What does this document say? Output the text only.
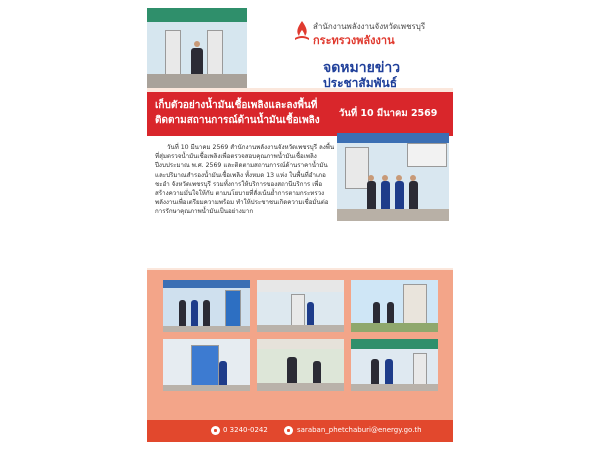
สำนักงานพลังงานจังหวัดเพชรบุรี
กระทรวงพลังงาน
จดหมายข่าว
ประชาสัมพันธ์
เก็บตัวอย่างน้ำมันเชื้อเพลิงและลงพื้นที่ ติดตามสถานการณ์ด้านน้ำมันเชื้อเพลิง
วันที่ 10 มีนาคม 2569
วันที่ 10 มีนาคม 2569 สำนักงานพลังงานจังหวัดเพชรบุรี ลงพื้นที่สุ่มตรวจน้ำมันเชื้อเพลิงเพื่อตรวจสอบคุณภาพน้ำมันเชื้อเพลิงปีงบประมาณ พ.ศ. 2569 และติดตามสถานการณ์ด้านราคาน้ำมันและปริมาณสำรองน้ำมันเชื้อเพลิง ทั้งหมด 13 แห่ง ในพื้นที่อำเภอชะอำ จังหวัดเพชรบุรี รวมทั้งการให้บริการของสถานีบริการ เพื่อสร้างความมั่นใจให้กับ ตามนโยบายที่สั่งเน้นย้ำการตามกระทรวงพลังงานเพื่อเตรียมความพร้อม ทำให้ประชาชนเกิดความเชื่อมั่นต่อการรักษาคุณภาพน้ำมันเป็นอย่างมาก
0 3240-0242	saraban_phetchaburi@energy.go.th
